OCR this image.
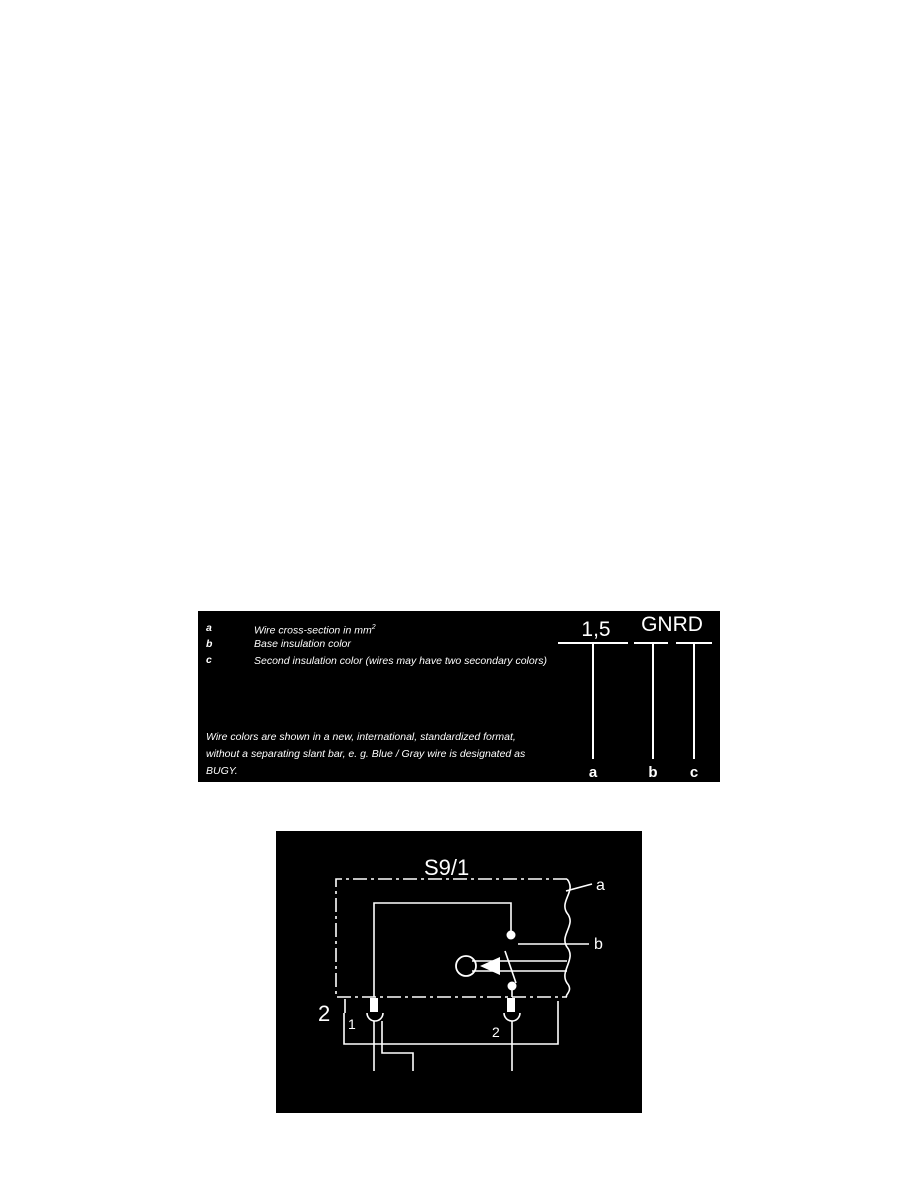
a	Wire cross-section in $mm^2$
b	Base insulation color
c	Second insulation color (wires may have two secondary colors)
Wire colors are shown in a new, international, standardized format, without a separating slant bar, e. g. Blue / Gray wire is designated as BUGY.
1,5 GNRD
a	b c
S9/1
a
b
2 1	2
